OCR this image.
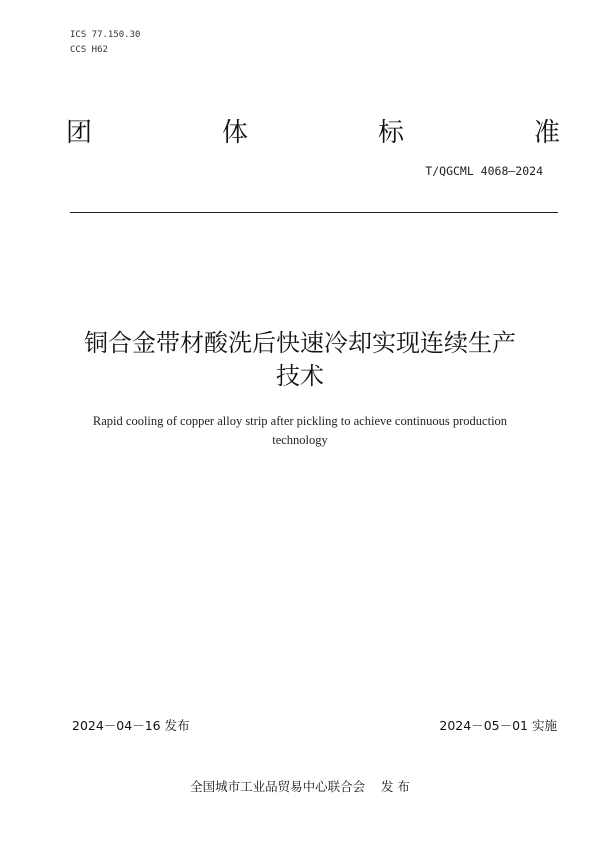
ICS 77.150.30
CCS H62
团	体	标	准
T/QGCML 4068—2024
铜合金带材酸洗后快速冷却实现连续生产
技术
Rapid cooling of copper alloy strip after pickling to achieve continuous production
technology
2024－04－16 发布	2024－05－01 实施
全国城市工业品贸易中心联合会    发 布
